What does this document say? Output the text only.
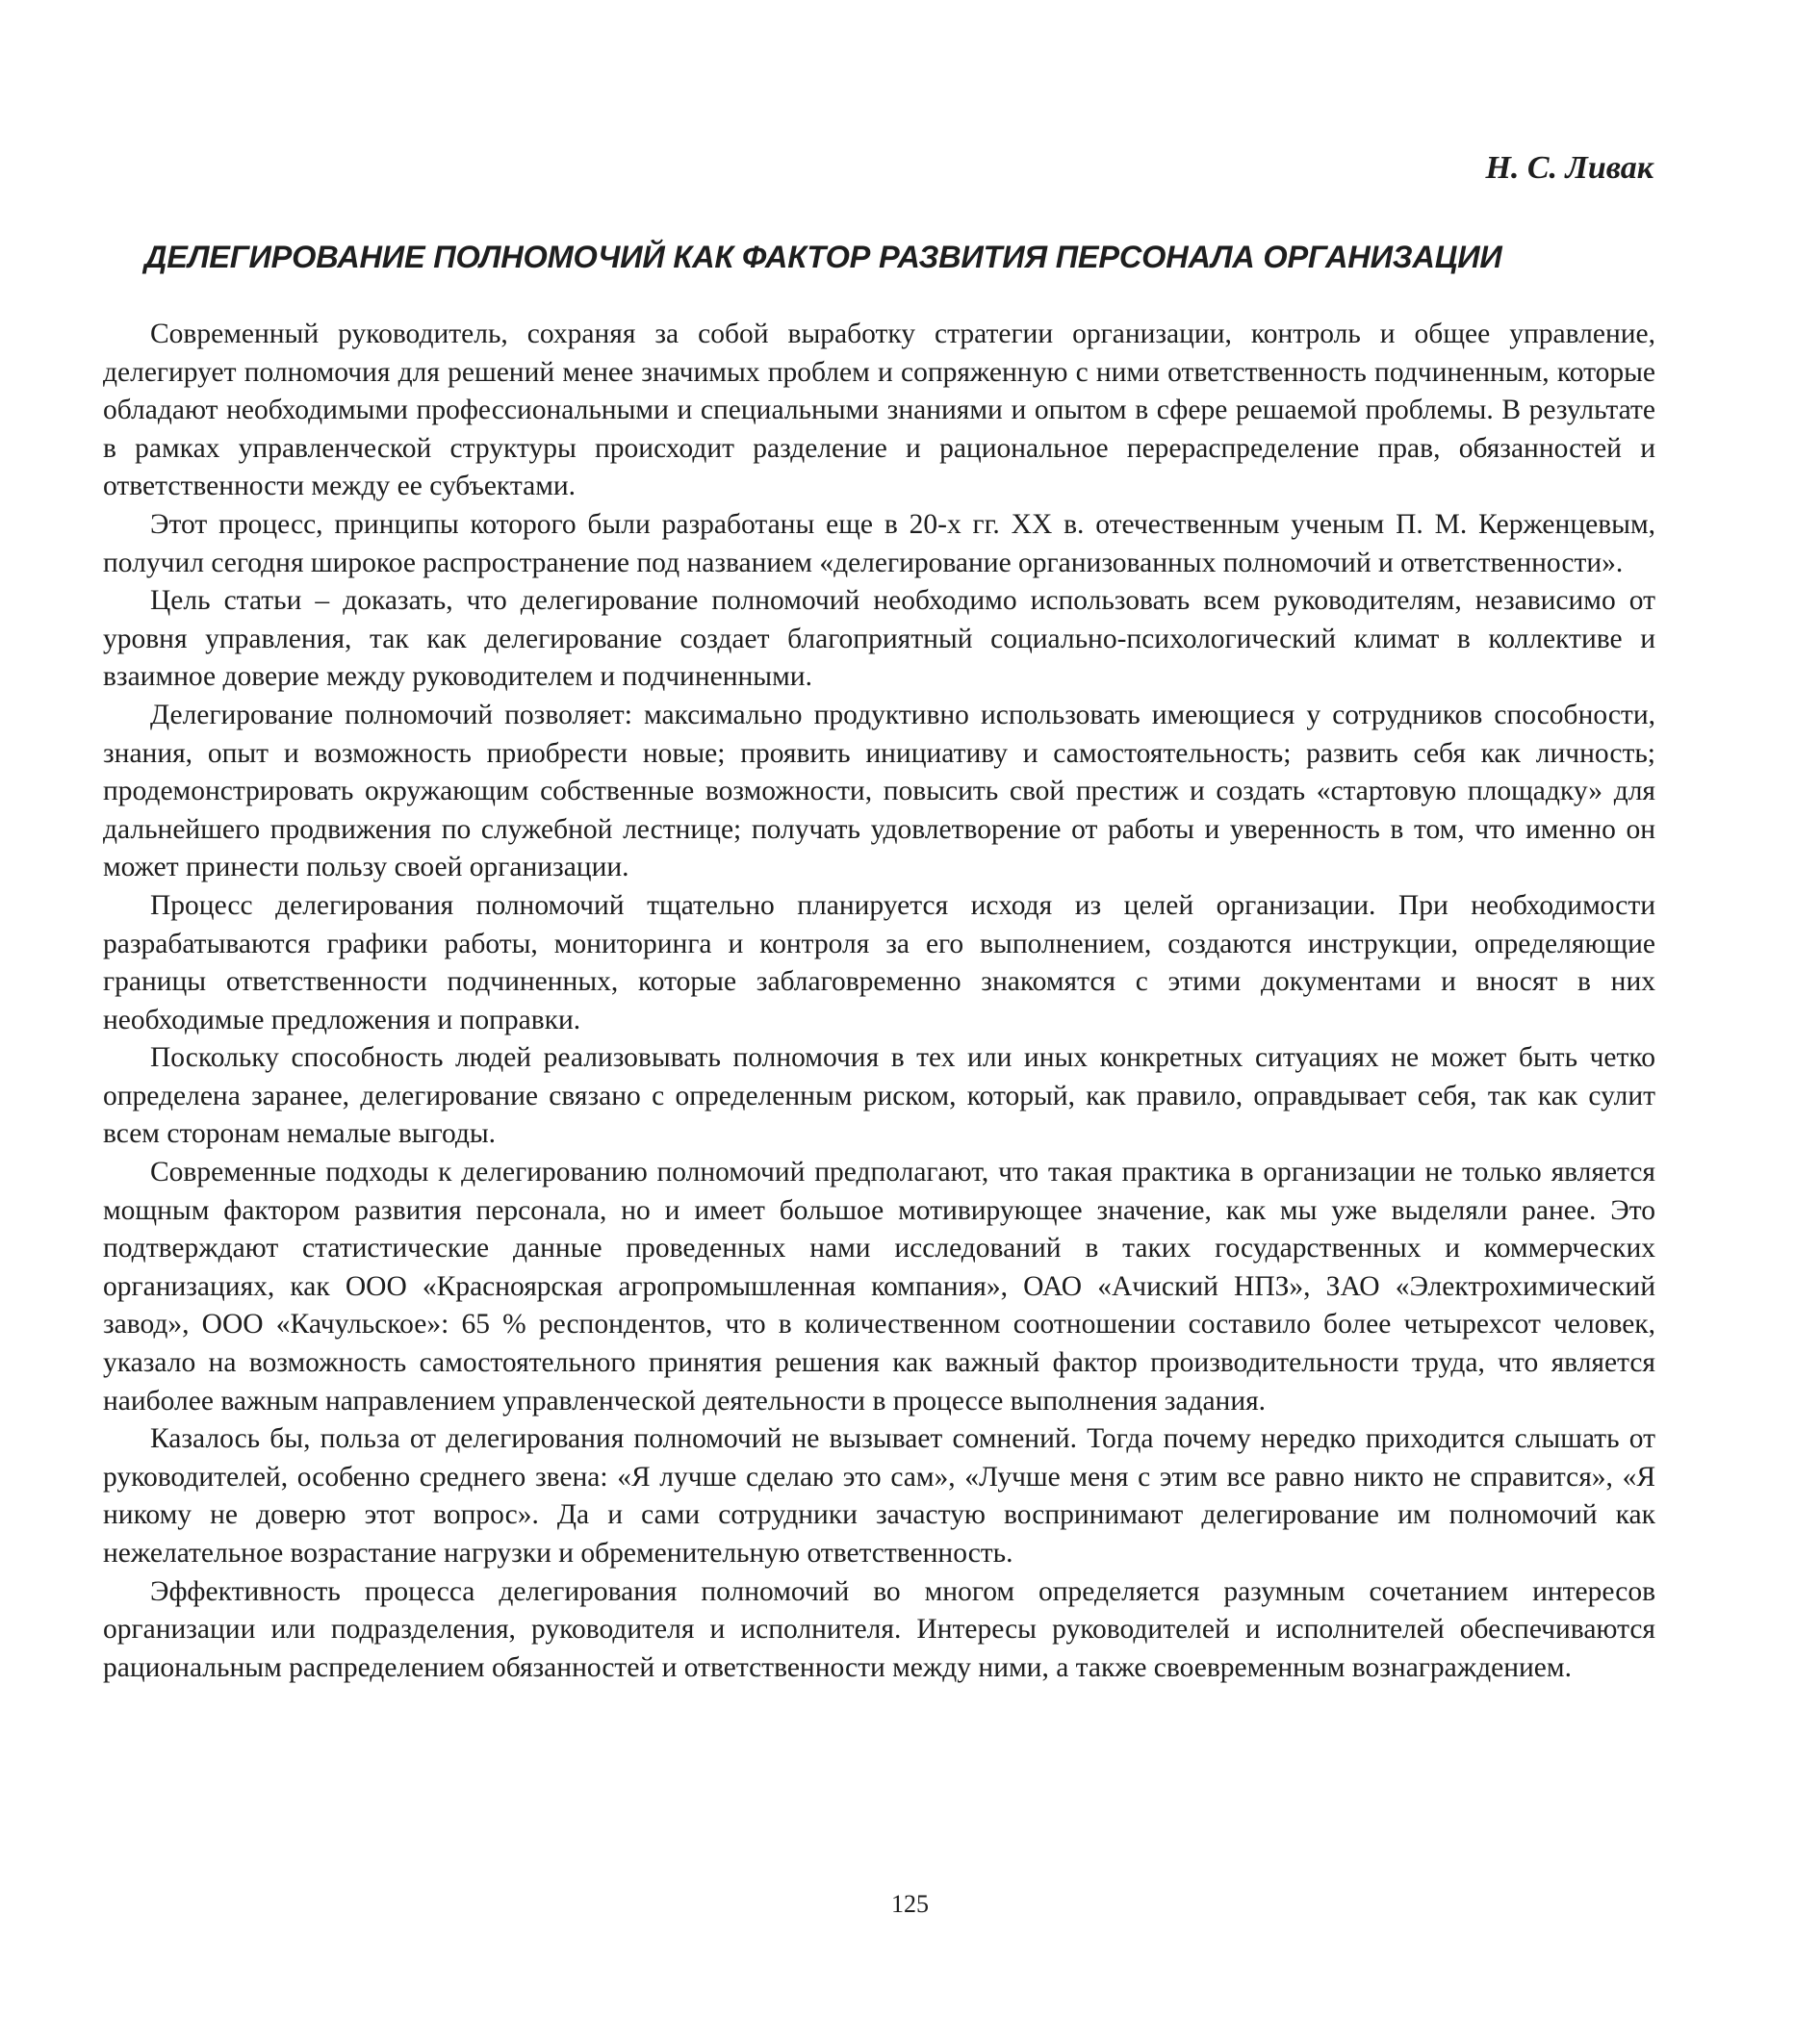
Н. С. Ливак

ДЕЛЕГИРОВАНИЕ ПОЛНОМОЧИЙ КАК ФАКТОР РАЗВИТИЯ ПЕРСОНАЛА ОРГАНИЗАЦИИ

Современный руководитель, сохраняя за собой выработку стратегии организации, контроль и общее управление, делегирует полномочия для решений менее значимых проблем и сопряженную с ними ответственность подчиненным, которые обладают необходимыми профессиональными и специальными знаниями и опытом в сфере решаемой проблемы. В результате в рамках управленческой структуры происходит разделение и рациональное перераспределение прав, обязанностей и ответственности между ее субъектами.

Этот процесс, принципы которого были разработаны еще в 20-х гг. XX в. отечественным ученым П. М. Керженцевым, получил сегодня широкое распространение под названием «делегирование организованных полномочий и ответственности».

Цель статьи – доказать, что делегирование полномочий необходимо использовать всем руководителям, независимо от уровня управления, так как делегирование создает благоприятный социально-психологический климат в коллективе и взаимное доверие между руководителем и подчиненными.

Делегирование полномочий позволяет: максимально продуктивно использовать имеющиеся у сотрудников способности, знания, опыт и возможность приобрести новые; проявить инициативу и самостоятельность; развить себя как личность; продемонстрировать окружающим собственные возможности, повысить свой престиж и создать «стартовую площадку» для дальнейшего продвижения по служебной лестнице; получать удовлетворение от работы и уверенность в том, что именно он может принести пользу своей организации.

Процесс делегирования полномочий тщательно планируется исходя из целей организации. При необходимости разрабатываются графики работы, мониторинга и контроля за его выполнением, создаются инструкции, определяющие границы ответственности подчиненных, которые заблаговременно знакомятся с этими документами и вносят в них необходимые предложения и поправки.

Поскольку способность людей реализовывать полномочия в тех или иных конкретных ситуациях не может быть четко определена заранее, делегирование связано с определенным риском, который, как правило, оправдывает себя, так как сулит всем сторонам немалые выгоды.

Современные подходы к делегированию полномочий предполагают, что такая практика в организации не только является мощным фактором развития персонала, но и имеет большое мотивирующее значение, как мы уже выделяли ранее. Это подтверждают статистические данные проведенных нами исследований в таких государственных и коммерческих организациях, как ООО «Красноярская агропромышленная компания», ОАО «Ачиский НПЗ», ЗАО «Электрохимический завод», ООО «Качульское»: 65 % респондентов, что в количественном соотношении составило более четырехсот человек, указало на возможность самостоятельного принятия решения как важный фактор производительности труда, что является наиболее важным направлением управленческой деятельности в процессе выполнения задания.

Казалось бы, польза от делегирования полномочий не вызывает сомнений. Тогда почему нередко приходится слышать от руководителей, особенно среднего звена: «Я лучше сделаю это сам», «Лучше меня с этим все равно никто не справится», «Я никому не доверю этот вопрос». Да и сами сотрудники зачастую воспринимают делегирование им полномочий как нежелательное возрастание нагрузки и обременительную ответственность.

Эффективность процесса делегирования полномочий во многом определяется разумным сочетанием интересов организации или подразделения, руководителя и исполнителя. Интересы руководителей и исполнителей обеспечиваются рациональным распределением обязанностей и ответственности между ними, а также своевременным вознаграждением.

125
